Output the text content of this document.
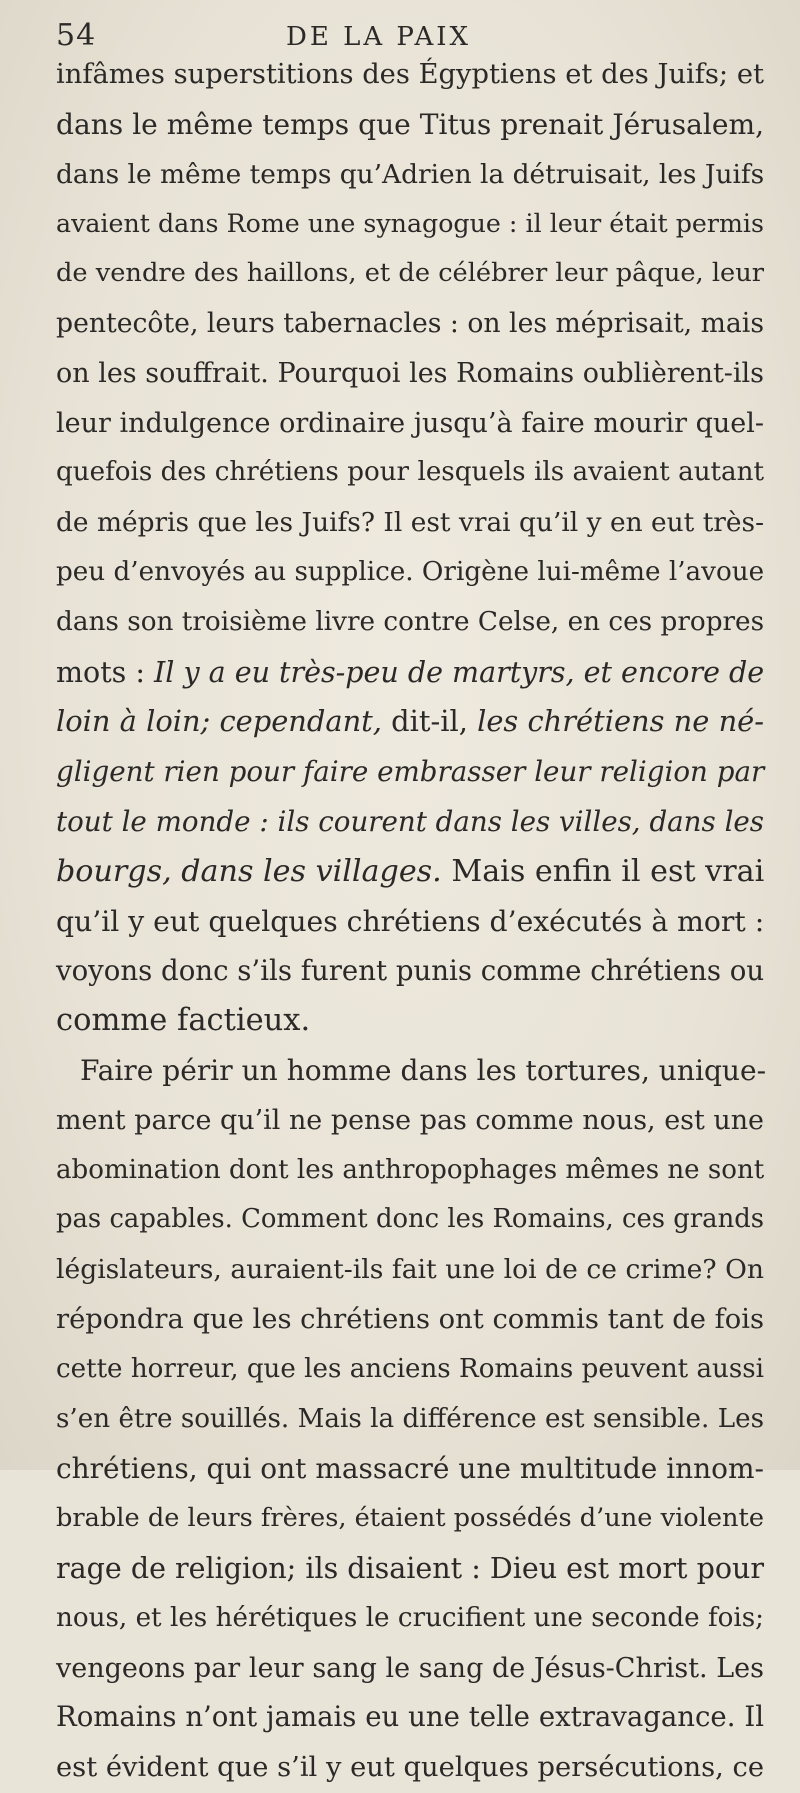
54	DE LA PAIX
infâmes superstitions des Égyptiens et des Juifs; et
dans le même temps que Titus prenait Jérusalem,
dans le même temps qu’Adrien la détruisait, les Juifs
avaient dans Rome une synagogue : il leur était permis
de vendre des haillons, et de célébrer leur pâque, leur
pentecôte, leurs tabernacles : on les méprisait, mais
on les souffrait. Pourquoi les Romains oublièrent-ils
leur indulgence ordinaire jusqu’à faire mourir quel-
quefois des chrétiens pour lesquels ils avaient autant
de mépris que les Juifs? Il est vrai qu’il y en eut très-
peu d’envoyés au supplice. Origène lui-même l’avoue
dans son troisième livre contre Celse, en ces propres
mots : Il y a eu très-peu de martyrs, et encore de
loin à loin; cependant, dit-il, les chrétiens ne né-
gligent rien pour faire embrasser leur religion par
tout le monde : ils courent dans les villes, dans les
bourgs, dans les villages. Mais enfin il est vrai
qu’il y eut quelques chrétiens d’exécutés à mort :
voyons donc s’ils furent punis comme chrétiens ou
comme factieux.
Faire périr un homme dans les tortures, unique-
ment parce qu’il ne pense pas comme nous, est une
abomination dont les anthropophages mêmes ne sont
pas capables. Comment donc les Romains, ces grands
législateurs, auraient-ils fait une loi de ce crime? On
répondra que les chrétiens ont commis tant de fois
cette horreur, que les anciens Romains peuvent aussi
s’en être souillés. Mais la différence est sensible. Les
chrétiens, qui ont massacré une multitude innom-
brable de leurs frères, étaient possédés d’une violente
rage de religion; ils disaient : Dieu est mort pour
nous, et les hérétiques le crucifient une seconde fois;
vengeons par leur sang le sang de Jésus-Christ. Les
Romains n’ont jamais eu une telle extravagance. Il
est évident que s’il y eut quelques persécutions, ce
